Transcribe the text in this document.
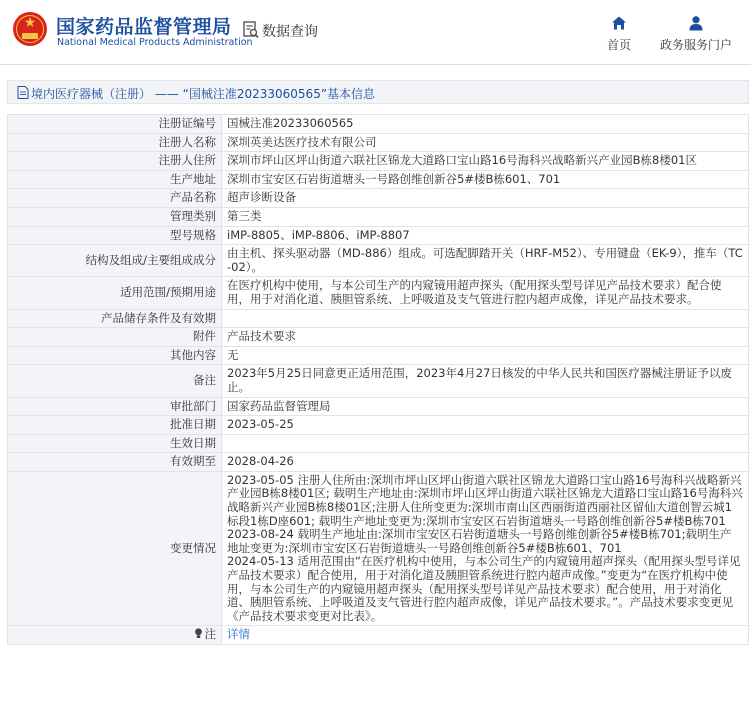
★	国家药品监督管理局
National Medical Products Administration
数据查询
首页	政务服务门户
境内医疗器械（注册） —— “国械注准20233060565”基本信息
注册证编号	国械注准20233060565
注册人名称	深圳英美达医疗技术有限公司
注册人住所	深圳市坪山区坪山街道六联社区锦龙大道路口宝山路16号海科兴战略新兴产业园B栋8楼01区
生产地址	深圳市宝安区石岩街道塘头一号路创维创新谷5#楼B栋601、701
产品名称	超声诊断设备
管理类别	第三类
型号规格	iMP-8805、iMP-8806、iMP-8807
结构及组成/主要组成成分	由主机、探头驱动器（MD-886）组成。可选配脚踏开关（HRF-M52）、专用键盘（EK-9），推车（TC-02）。
适用范围/预期用途	在医疗机构中使用，与本公司生产的内窥镜用超声探头（配用探头型号详见产品技术要求）配合使用，用于对消化道、胰胆管系统、上呼吸道及支气管进行腔内超声成像，详见产品技术要求。
产品储存条件及有效期	
附件	产品技术要求
其他内容	无
备注	2023年5月25日同意更正适用范围，2023年4月27日核发的中华人民共和国医疗器械注册证予以废止。
审批部门	国家药品监督管理局
批准日期	2023-05-25
生效日期	
有效期至	2028-04-26
变更情况	2023-05-05 注册人住所由:深圳市坪山区坪山街道六联社区锦龙大道路口宝山路16号海科兴战略新兴产业园B栋8楼01区; 载明生产地址由:深圳市坪山区坪山街道六联社区锦龙大道路口宝山路16号海科兴战略新兴产业园B栋8楼01区;注册人住所变更为:深圳市南山区西丽街道西丽社区留仙大道创智云城1标段1栋D座601; 载明生产地址变更为:深圳市宝安区石岩街道塘头一号路创维创新谷5#楼B栋701
2023-08-24 载明生产地址由:深圳市宝安区石岩街道塘头一号路创维创新谷5#楼B栋701;载明生产地址变更为:深圳市宝安区石岩街道塘头一号路创维创新谷5#楼B栋601、701
2024-05-13 适用范围由“在医疗机构中使用，与本公司生产的内窥镜用超声探头（配用探头型号详见产品技术要求）配合使用，用于对消化道及胰胆管系统进行腔内超声成像。”变更为“在医疗机构中使用，与本公司生产的内窥镜用超声探头（配用探头型号详见产品技术要求）配合使用，用于对消化道、胰胆管系统、上呼吸道及支气管进行腔内超声成像，详见产品技术要求。”。产品技术要求变更见《产品技术要求变更对比表》。
注	详情
